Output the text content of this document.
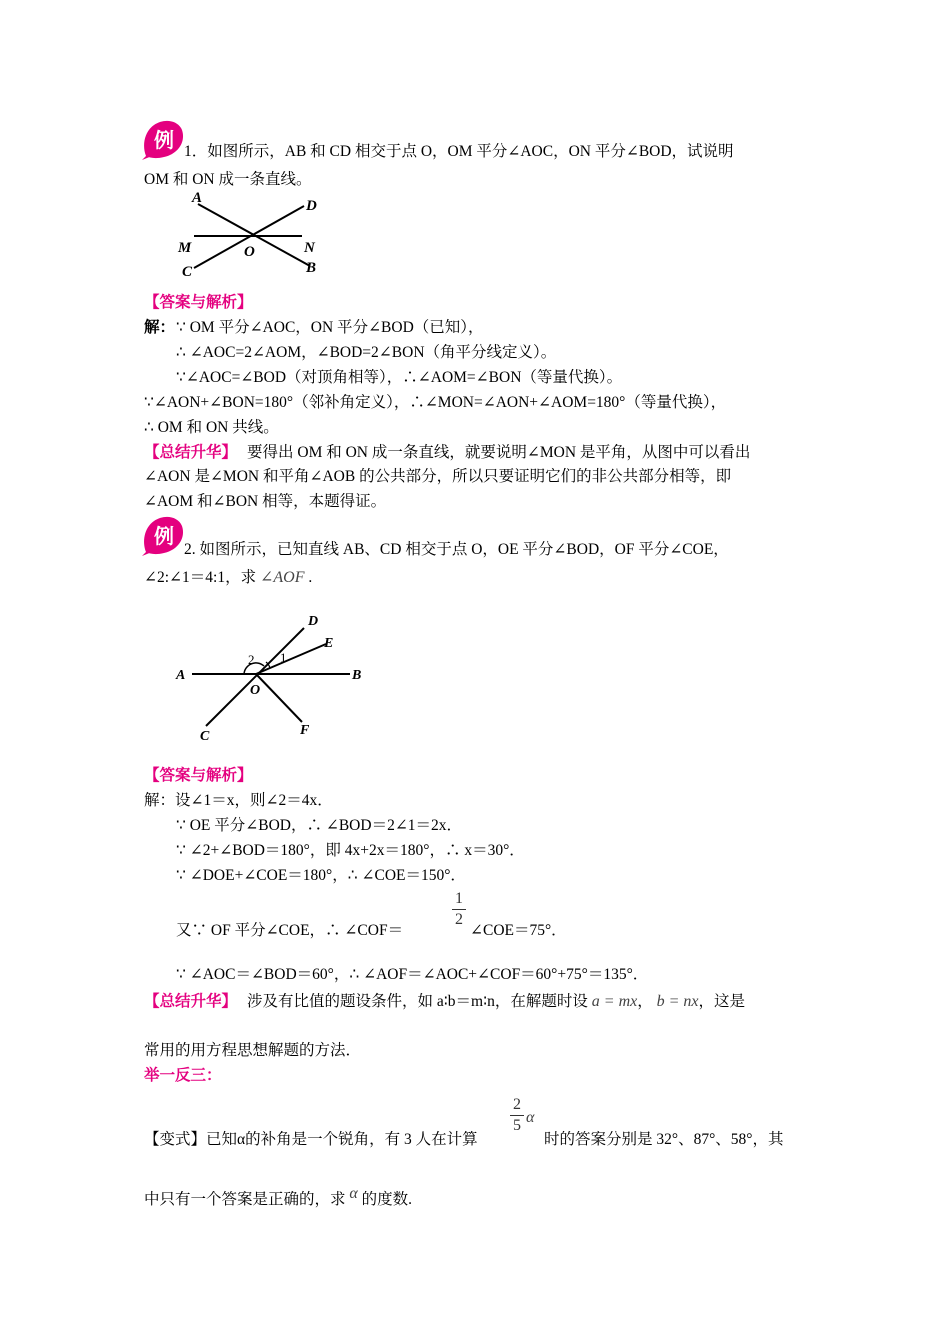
例 1．如图所示，AB 和 CD 相交于点 O，OM 平分∠AOC，ON 平分∠BOD，试说明
OM 和 ON 成一条直线。
A	D
M	O	N
C	B
【答案与解析】
解： ∵ OM 平分∠AOC，ON 平分∠BOD（已知），
∴ ∠AOC=2∠AOM，∠BOD=2∠BON（角平分线定义）。
∵∠AOC=∠BOD（对顶角相等），∴∠AOM=∠BON（等量代换）。
∵∠AON+∠BON=180°（邻补角定义），∴∠MON=∠AON+∠AOM=180°（等量代换），
∴ OM 和 ON 共线。
【总结升华】 要得出 OM 和 ON 成一条直线，就要说明∠MON 是平角，从图中可以看出
∠AON 是∠MON 和平角∠AOB 的公共部分，所以只要证明它们的非公共部分相等，即
∠AOM 和∠BON 相等，本题得证。
例
2. 如图所示，已知直线 AB、CD 相交于点 O，OE 平分∠BOD，OF 平分∠COE，
∠2:∠1＝4:1，求 ∠AOF .
D
E
A
O
B
C	F
2 1
【答案与解析】
解：设∠1＝x，则∠2＝4x．
∵ OE 平分∠BOD，∴ ∠BOD＝2∠1＝2x．
∵ ∠2+∠BOD＝180°，即 4x+2x＝180°，∴ x＝30°．
∵ ∠DOE+∠COE＝180°，∴ ∠COE＝150°．
又∵ OF 平分∠COE，∴ ∠COF＝
1
2
∠COE＝75°．
∵ ∠AOC＝∠BOD＝60°，∴ ∠AOF＝∠AOC+∠COF＝60°+75°＝135°．
【总结升华】 涉及有比值的题设条件，如 a∶b＝m∶n，在解题时设 a = mx， b = nx，这是
常用的用方程思想解题的方法．
举一反三：
【变式】已知α的补角是一个锐角，有 3 人在计算
2
5 α
时的答案分别是 32°、87°、58°，其
中只有一个答案是正确的，求 α 的度数.
